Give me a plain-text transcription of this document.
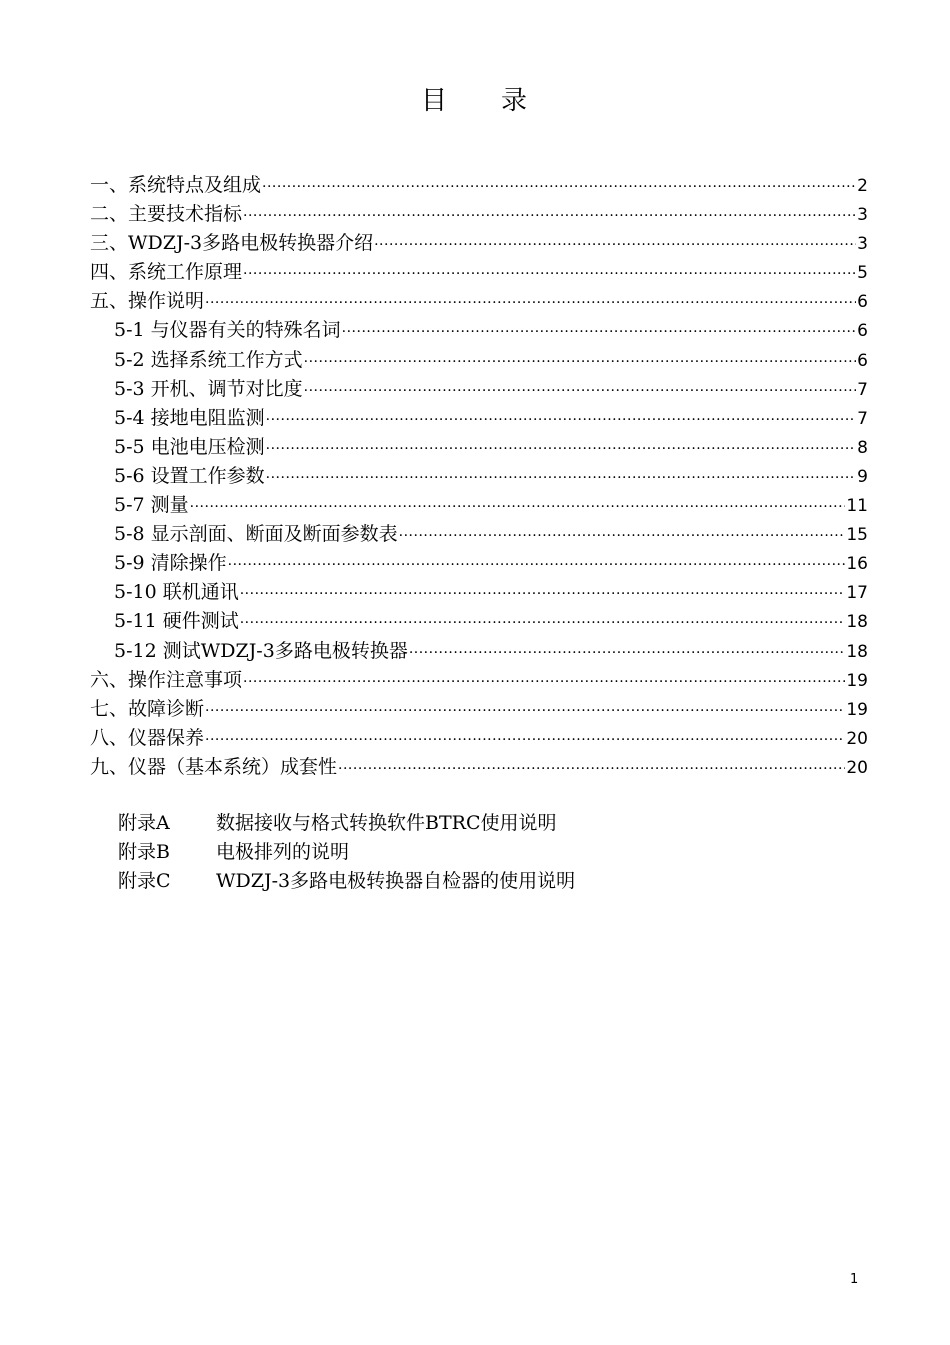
目 录
一、系统特点及组成 ·····	2
二、主要技术指标 ·····	3
三、WDZJ-3多路电极转换器介绍 ·····	3
四、系统工作原理 ·····	5
五、操作说明 ·····	6
5-1 与仪器有关的特殊名词 ·····	6
5-2 选择系统工作方式 ·····	6
5-3 开机、调节对比度 ·····	7
5-4 接地电阻监测 ·····	7
5-5 电池电压检测 ·····	8
5-6 设置工作参数 ·····	9
5-7 测量 ·····	11
5-8 显示剖面、断面及断面参数表 ·····	15
5-9 清除操作 ·····	16
5-10 联机通讯 ·····	17
5-11 硬件测试 ·····	18
5-12 测试WDZJ-3多路电极转换器 ·····	18
六、操作注意事项 ·····	19
七、故障诊断 ·····	19
八、仪器保养 ·····	20
九、仪器（基本系统）成套性 ·····	20
附录A	数据接收与格式转换软件BTRC使用说明
附录B	电极排列的说明
附录C	WDZJ-3多路电极转换器自检器的使用说明
1
